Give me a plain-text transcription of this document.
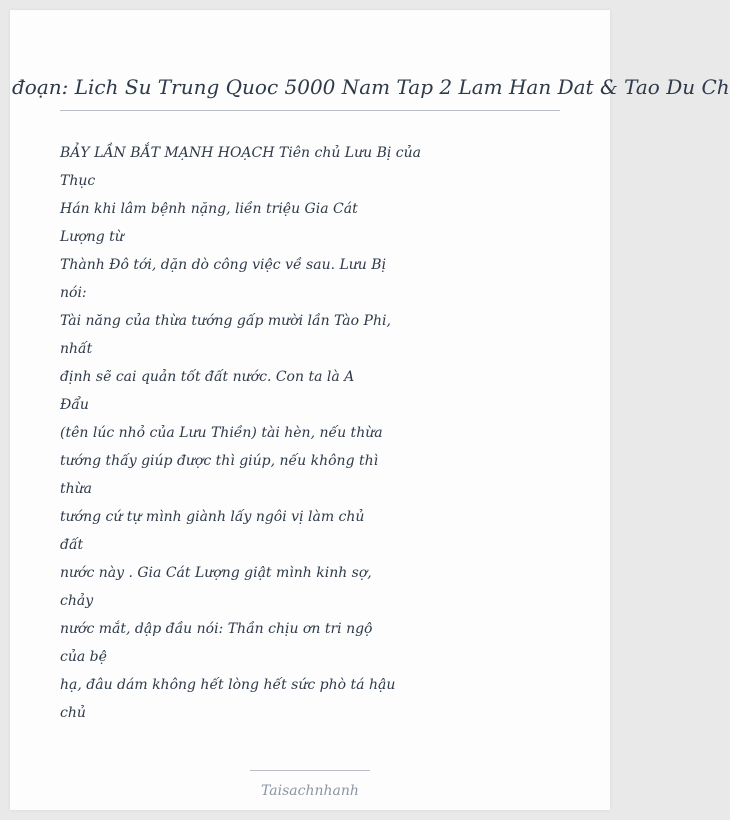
đoạn: Lich Su Trung Quoc 5000 Nam Tap 2 Lam Han Dat & Tao Du Ch
BẢY LẦN BẮT MẠNH HOẠCH Tiên chủ Lưu Bị của
Thục
Hán khi lâm bệnh nặng, liền triệu Gia Cát
Lượng từ
Thành Đô tới, dặn dò công việc về sau. Lưu Bị
nói:
Tài năng của thừa tướng gấp mười lần Tào Phi,
nhất
định sẽ cai quản tốt đất nước. Con ta là A
Đẩu
(tên lúc nhỏ của Lưu Thiền) tài hèn, nếu thừa
tướng thấy giúp được thì giúp, nếu không thì
thừa
tướng cứ tự mình giành lấy ngôi vị làm chủ
đất
nước này . Gia Cát Lượng giật mình kinh sợ,
chảy
nước mắt, dập đầu nói: Thần chịu ơn tri ngộ
của bệ
hạ, đâu dám không hết lòng hết sức phò tá hậu
chủ
Taisachnhanh
